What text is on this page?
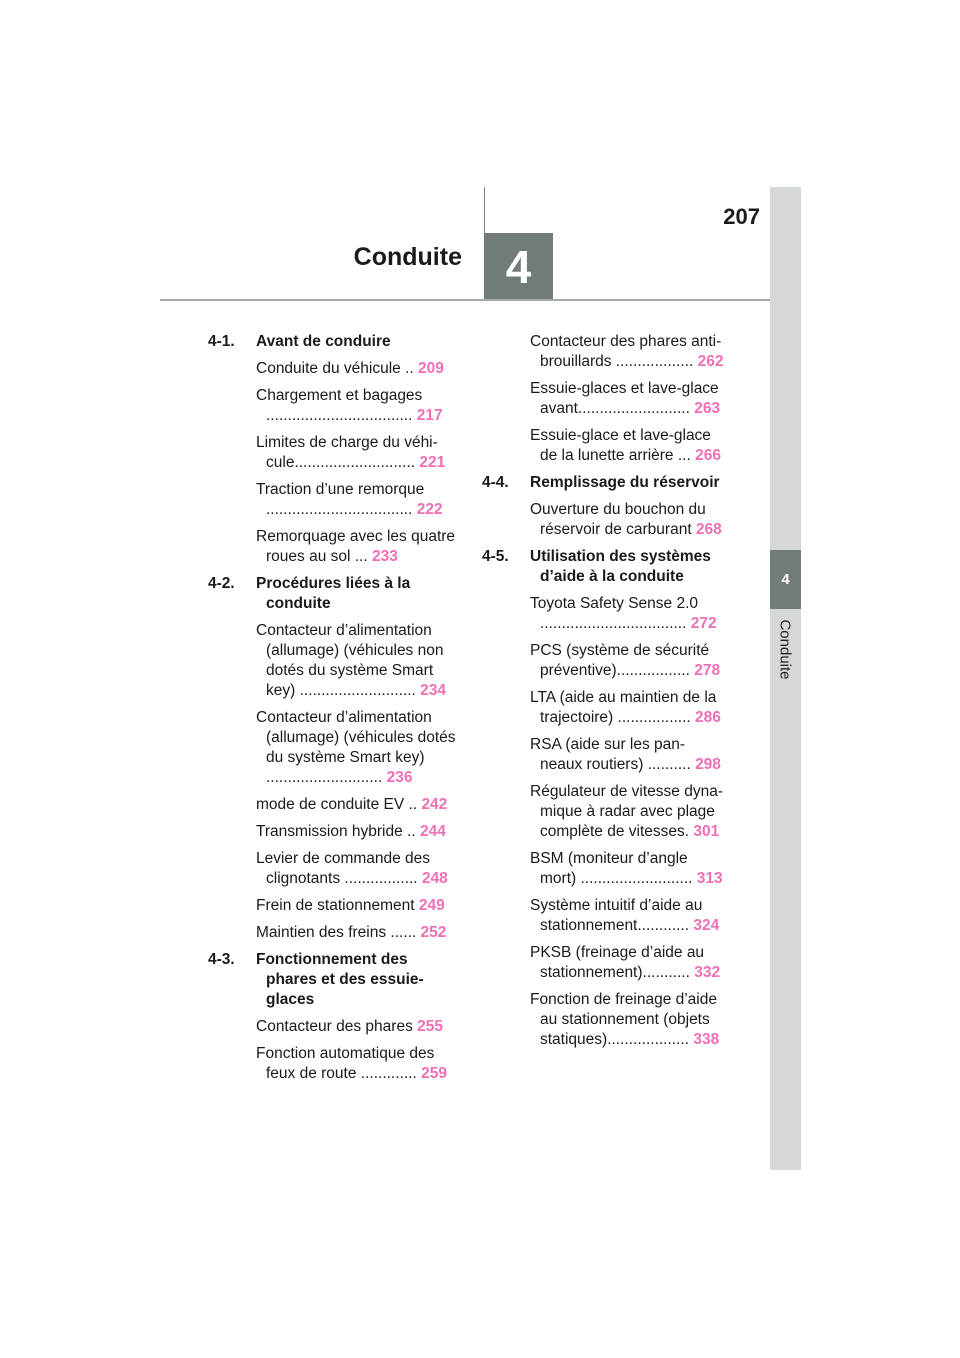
207
Conduite 4
4
Conduite
4-1. Avant de conduire
Conduite du véhicule .. 209
Chargement et bagages .................................. 217
Limites de charge du véhi- cule............................ 221
Traction d’une remorque .................................. 222
Remorquage avec les quatre roues au sol ... 233
4-2. Procédures liées à la conduite
Contacteur d’alimentation (allumage) (véhicules non dotés du système Smart key) ........................... 234
Contacteur d’alimentation (allumage) (véhicules dotés du système Smart key) ........................... 236
mode de conduite EV .. 242
Transmission hybride .. 244
Levier de commande des clignotants ................. 248
Frein de stationnement 249
Maintien des freins ...... 252
4-3. Fonctionnement des phares et des essuie- glaces
Contacteur des phares 255
Fonction automatique des feux de route ............. 259
Contacteur des phares anti- brouillards .................. 262
Essuie-glaces et lave-glace avant.......................... 263
Essuie-glace et lave-glace de la lunette arrière ... 266
4-4. Remplissage du réservoir
Ouverture du bouchon du réservoir de carburant 268
4-5. Utilisation des systèmes d’aide à la conduite
Toyota Safety Sense 2.0 .................................. 272
PCS (système de sécurité préventive)................. 278
LTA (aide au maintien de la trajectoire) ................. 286
RSA (aide sur les pan- neaux routiers) .......... 298
Régulateur de vitesse dyna- mique à radar avec plage complète de vitesses. 301
BSM (moniteur d’angle mort) .......................... 313
Système intuitif d’aide au stationnement............ 324
PKSB (freinage d’aide au stationnement)........... 332
Fonction de freinage d’aide au stationnement (objets statiques)................... 338
